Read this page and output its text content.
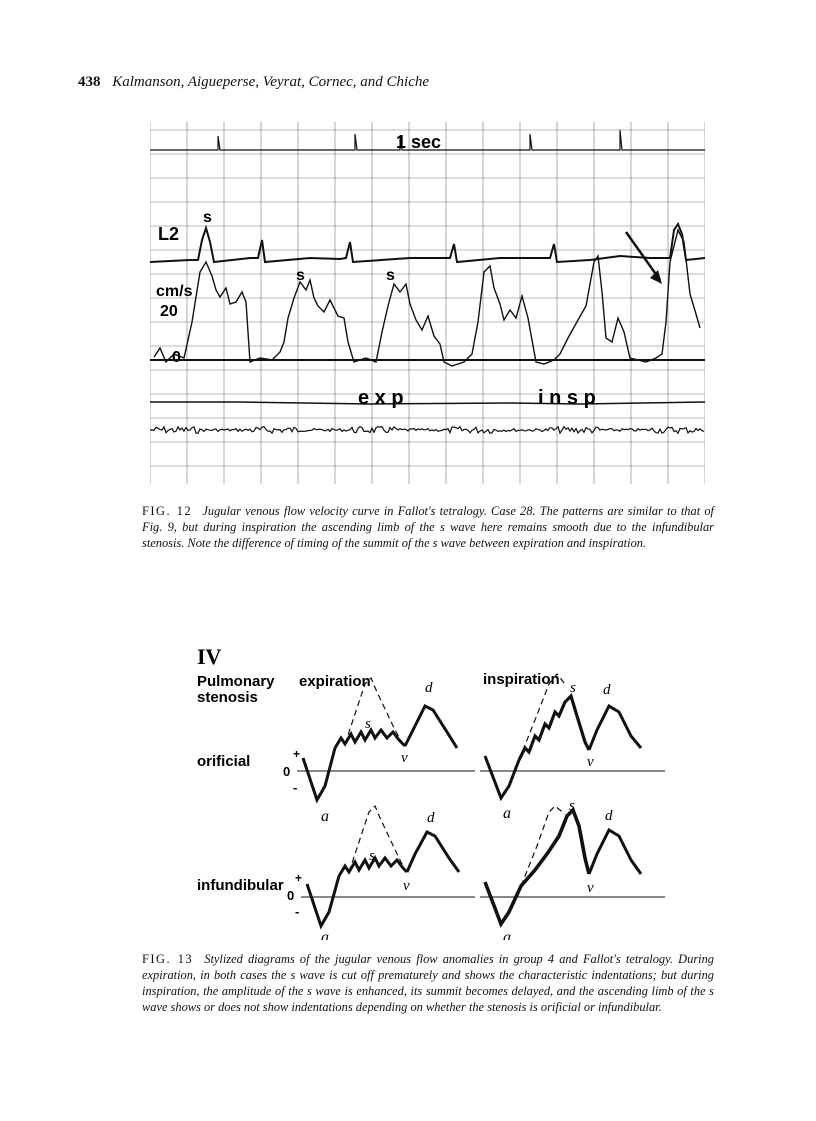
438 Kalmanson, Aigueperse, Veyrat, Cornec, and Chiche
1 sec
L2
s
s	s
cm/s
20
0
e x p	i n s p
FIG. 12 Jugular venous flow velocity curve in Fallot's tetralogy. Case 28. The patterns are similar to that of Fig. 9, but during inspiration the ascending limb of the s wave here remains smooth due to the infundibular stenosis. Note the difference of timing of the summit of the s wave between expiration and inspiration.
IV
Pulmonary
stenosis
expiration	inspiration
orificial
infundibular
+
0
-
+
0
-
a
s
v
d
a
s
v
d
a
s
v
d
a
s
v
d
FIG. 13 Stylized diagrams of the jugular venous flow anomalies in group 4 and Fallot's tetralogy. During expiration, in both cases the s wave is cut off prematurely and shows the characteristic indentations; but during inspiration, the amplitude of the s wave is enhanced, its summit becomes delayed, and the ascending limb of the s wave shows or does not show indentations depending on whether the stenosis is orificial or infundibular.
